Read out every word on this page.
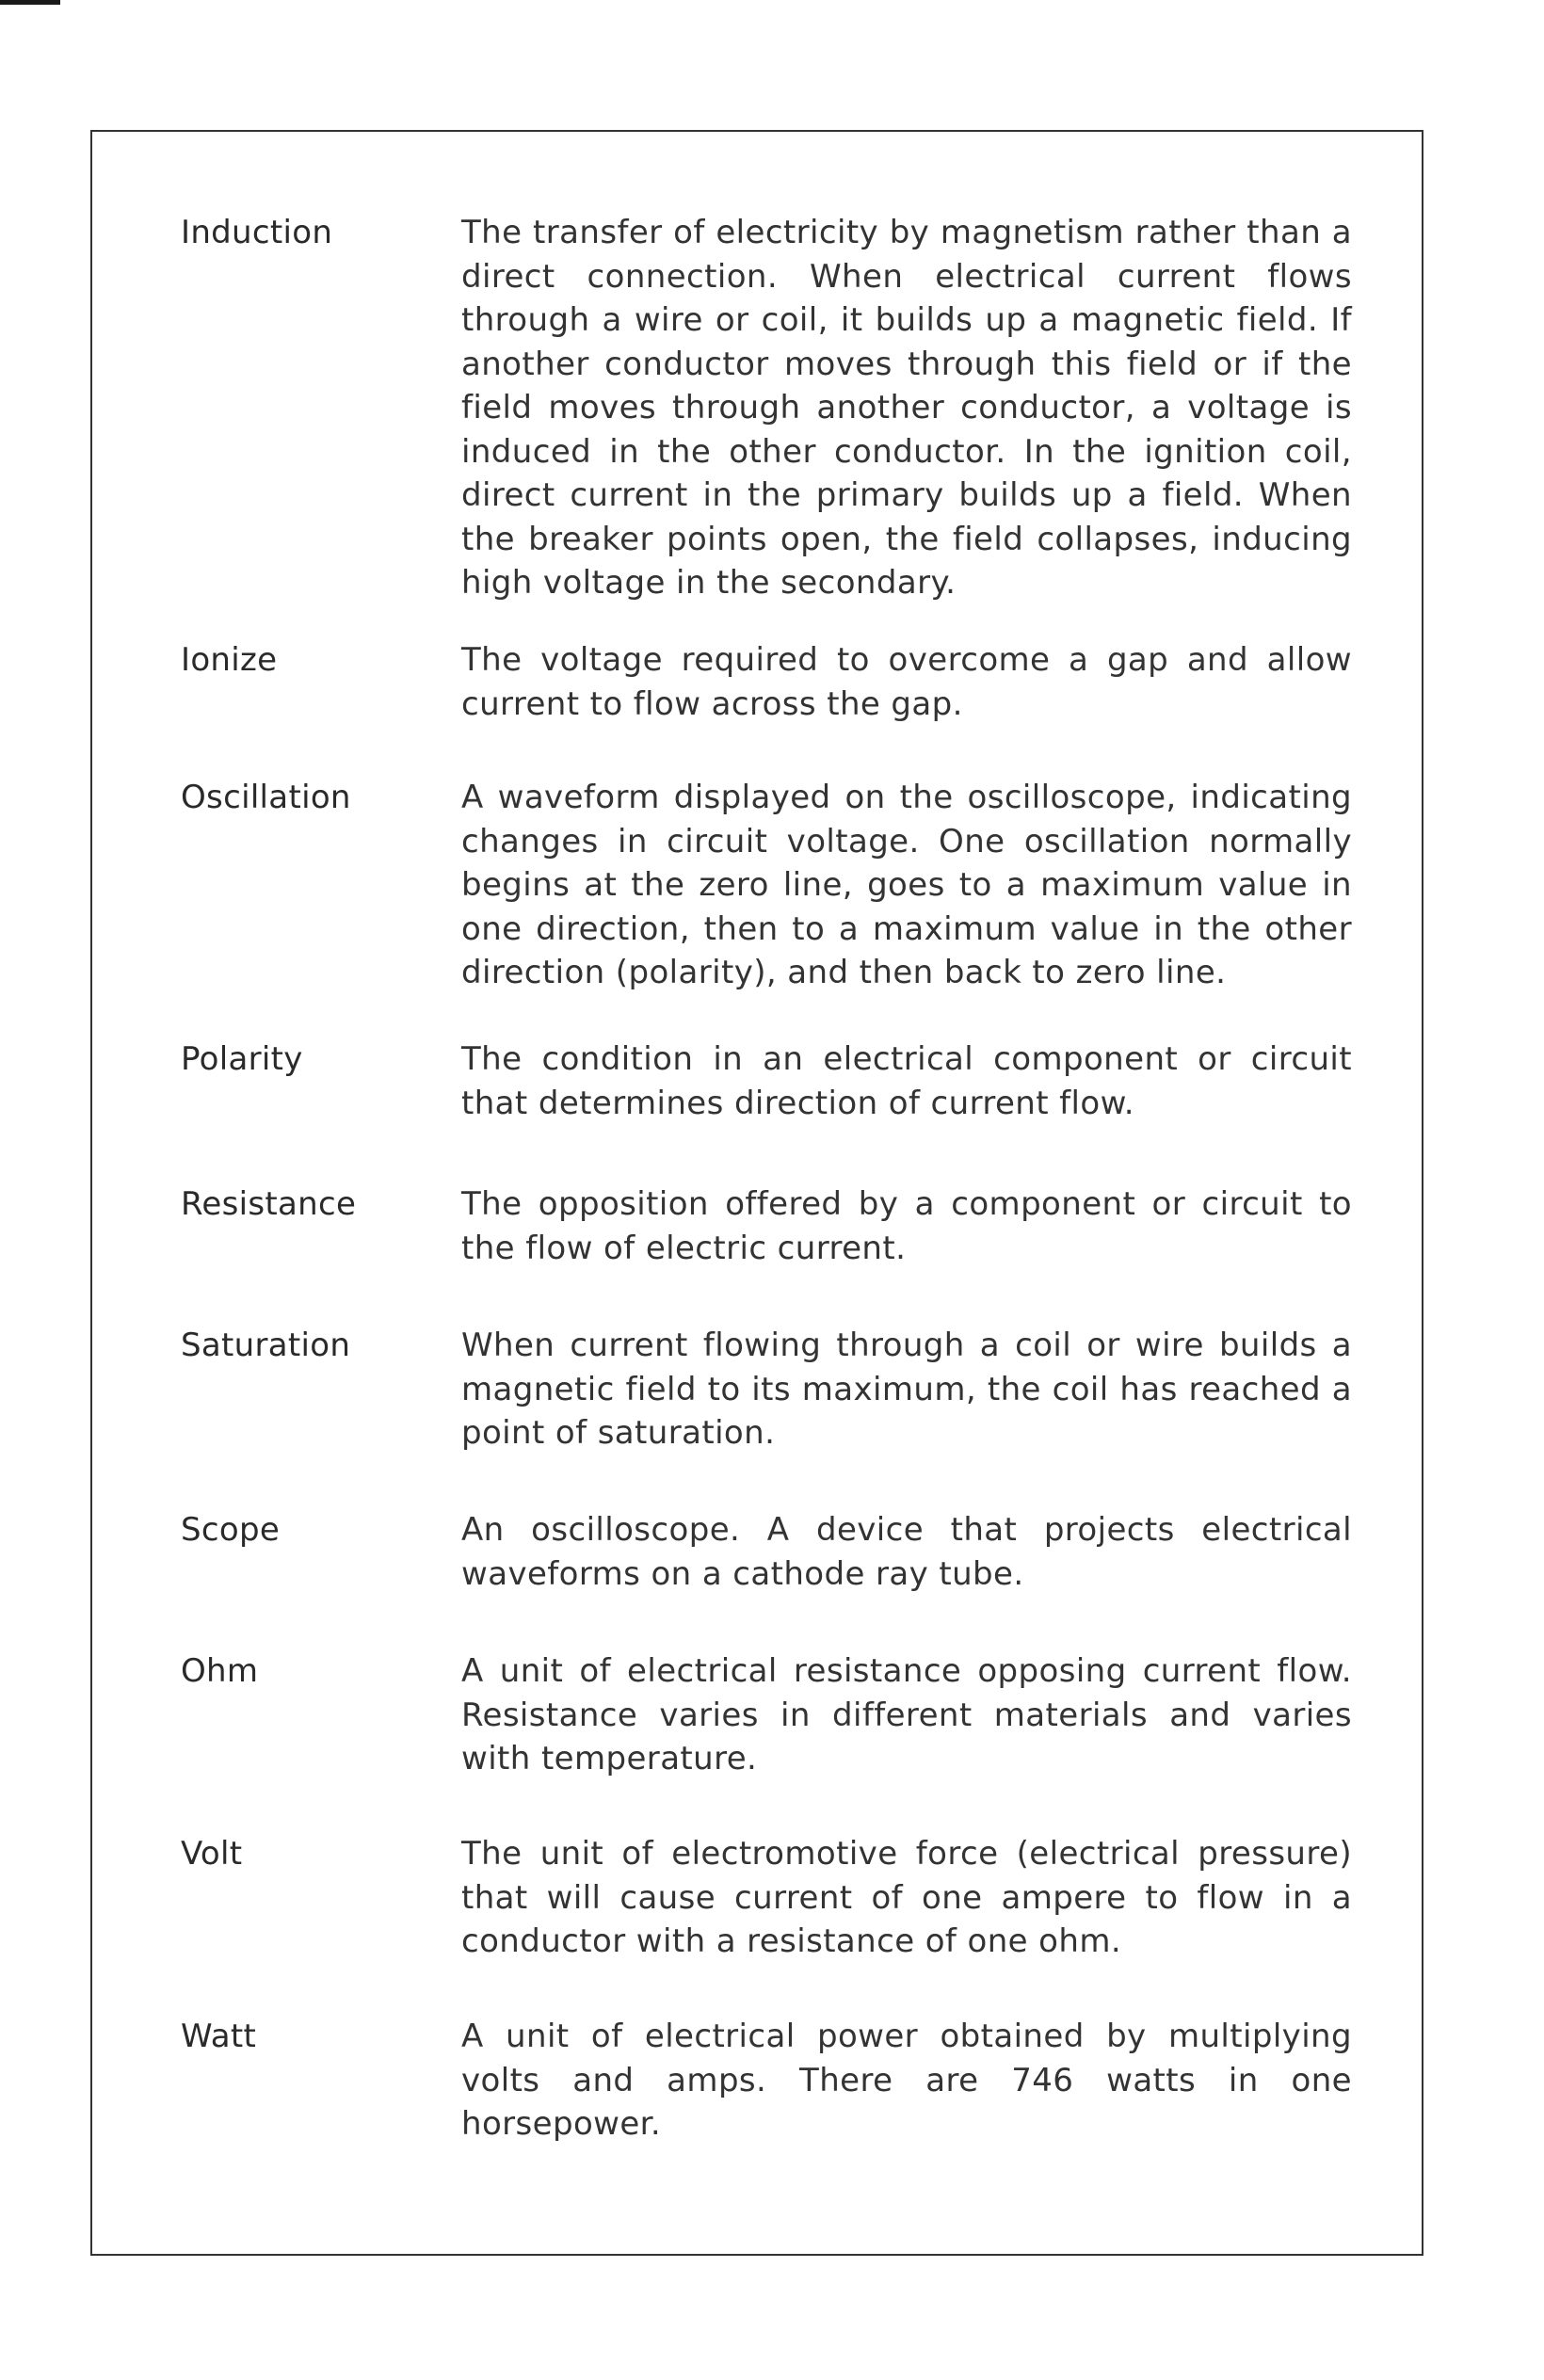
Induction	The transfer of electricity by magnetism rather than a direct connection. When electrical current flows through a wire or coil, it builds up a magnetic field. If another conductor moves through this field or if the field moves through another conductor, a voltage is induced in the other conductor. In the ignition coil, direct current in the primary builds up a field. When the breaker points open, the field collapses, inducing high voltage in the secondary.

Ionize	The voltage required to overcome a gap and allow current to flow across the gap.

Oscillation	A waveform displayed on the oscilloscope, indicating changes in circuit voltage. One oscillation normally begins at the zero line, goes to a maximum value in one direction, then to a maximum value in the other direction (polarity), and then back to zero line.

Polarity	The condition in an electrical component or circuit that determines direction of current flow.

Resistance	The opposition offered by a component or circuit to the flow of electric current.

Saturation	When current flowing through a coil or wire builds a magnetic field to its maximum, the coil has reached a point of saturation.

Scope	An oscilloscope. A device that projects electrical waveforms on a cathode ray tube.

Ohm	A unit of electrical resistance opposing current flow. Resistance varies in different materials and varies with temperature.

Volt	The unit of electromotive force (electrical pressure) that will cause current of one ampere to flow in a conductor with a resistance of one ohm.

Watt	A unit of electrical power obtained by multiplying volts and amps. There are 746 watts in one horsepower.
